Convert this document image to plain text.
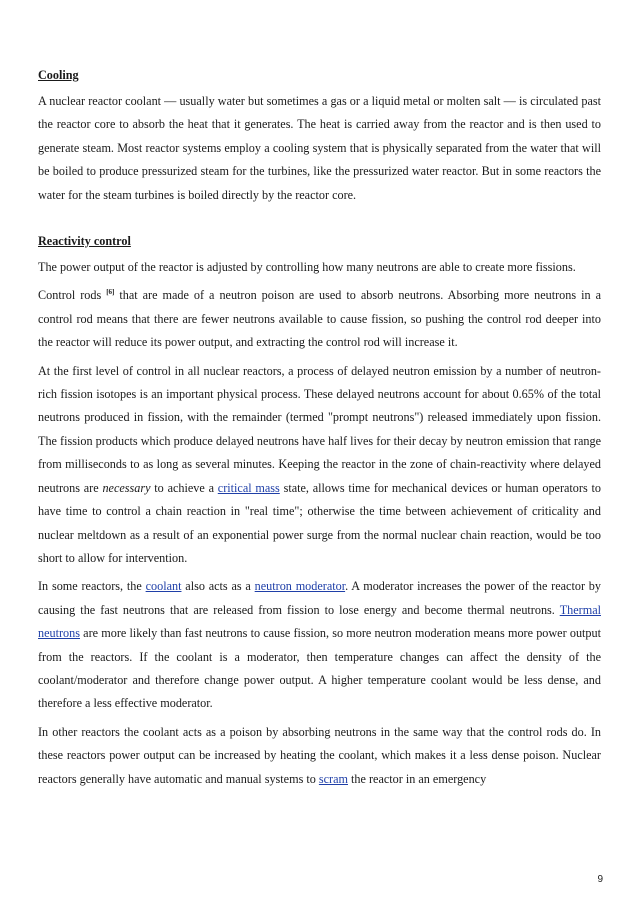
Cooling

A nuclear reactor coolant — usually water but sometimes a gas or a liquid metal or molten salt — is circulated past the reactor core to absorb the heat that it generates. The heat is carried away from the reactor and is then used to generate steam. Most reactor systems employ a cooling system that is physically separated from the water that will be boiled to produce pressurized steam for the turbines, like the pressurized water reactor. But in some reactors the water for the steam turbines is boiled directly by the reactor core.

Reactivity control

The power output of the reactor is adjusted by controlling how many neutrons are able to create more fissions.

Control rods [6] that are made of a neutron poison are used to absorb neutrons. Absorbing more neutrons in a control rod means that there are fewer neutrons available to cause fission, so pushing the control rod deeper into the reactor will reduce its power output, and extracting the control rod will increase it.

At the first level of control in all nuclear reactors, a process of delayed neutron emission by a number of neutron-rich fission isotopes is an important physical process. These delayed neutrons account for about 0.65% of the total neutrons produced in fission, with the remainder (termed "prompt neutrons") released immediately upon fission. The fission products which produce delayed neutrons have half lives for their decay by neutron emission that range from milliseconds to as long as several minutes. Keeping the reactor in the zone of chain-reactivity where delayed neutrons are necessary to achieve a critical mass state, allows time for mechanical devices or human operators to have time to control a chain reaction in "real time"; otherwise the time between achievement of criticality and nuclear meltdown as a result of an exponential power surge from the normal nuclear chain reaction, would be too short to allow for intervention.

In some reactors, the coolant also acts as a neutron moderator. A moderator increases the power of the reactor by causing the fast neutrons that are released from fission to lose energy and become thermal neutrons. Thermal neutrons are more likely than fast neutrons to cause fission, so more neutron moderation means more power output from the reactors. If the coolant is a moderator, then temperature changes can affect the density of the coolant/moderator and therefore change power output. A higher temperature coolant would be less dense, and therefore a less effective moderator.

In other reactors the coolant acts as a poison by absorbing neutrons in the same way that the control rods do. In these reactors power output can be increased by heating the coolant, which makes it a less dense poison. Nuclear reactors generally have automatic and manual systems to scram the reactor in an emergency

9
